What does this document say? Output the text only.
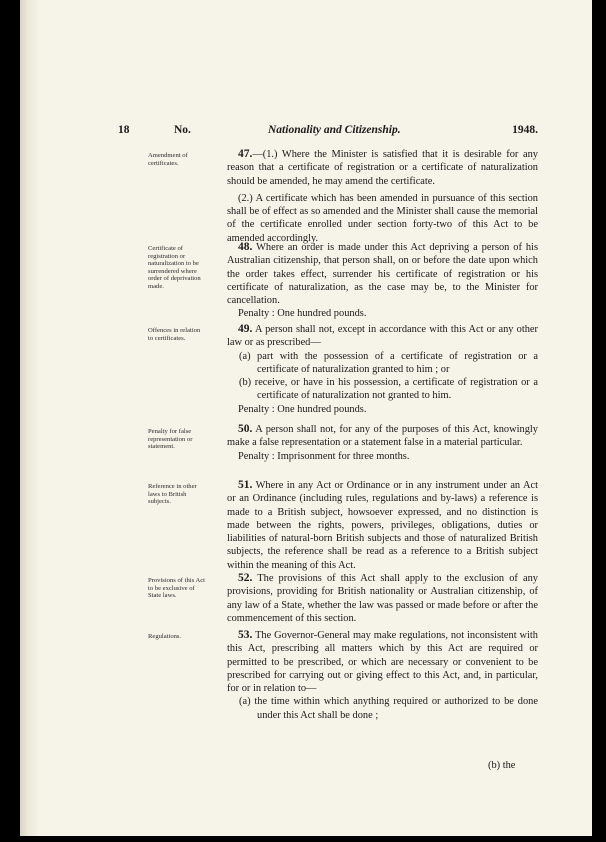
18	No.	Nationality and Citizenship.	1948.
Amendment of certificates.

47.—(1.) Where the Minister is satisfied that it is desirable for any reason that a certificate of registration or a certificate of naturalization should be amended, he may amend the certificate.

(2.) A certificate which has been amended in pursuance of this section shall be of effect as so amended and the Minister shall cause the memorial of the certificate enrolled under section forty-two of this Act to be amended accordingly.

Certificate of registration or naturalization to be surrendered where order of deprivation made.

48. Where an order is made under this Act depriving a person of his Australian citizenship, that person shall, on or before the date upon which the order takes effect, surrender his certificate of registration or his certificate of naturalization, as the case may be, to the Minister for cancellation.

Penalty : One hundred pounds.

Offences in relation to certificates.

49. A person shall not, except in accordance with this Act or any other law or as prescribed—

(a) part with the possession of a certificate of registration or a certificate of naturalization granted to him ; or

(b) receive, or have in his possession, a certificate of registration or a certificate of naturalization not granted to him.

Penalty : One hundred pounds.

Penalty for false representation or statement.

50. A person shall not, for any of the purposes of this Act, knowingly make a false representation or a statement false in a material particular.

Penalty : Imprisonment for three months.

Reference in other laws to British subjects.

51. Where in any Act or Ordinance or in any instrument under an Act or an Ordinance (including rules, regulations and by-laws) a reference is made to a British subject, howsoever expressed, and no distinction is made between the rights, powers, privileges, obligations, duties or liabilities of natural-born British subjects and those of naturalized British subjects, the reference shall be read as a reference to a British subject within the meaning of this Act.

Provisions of this Act to be exclusive of State laws.

52. The provisions of this Act shall apply to the exclusion of any provisions, providing for British nationality or Australian citizenship, of any law of a State, whether the law was passed or made before or after the commencement of this section.

Regulations.	53. The Governor-General may make regulations, not inconsistent with this Act, prescribing all matters which by this Act are required or permitted to be prescribed, or which are necessary or convenient to be prescribed for carrying out or giving effect to this Act, and, in particular, for or in relation to—

(a) the time within which anything required or authorized to be done under this Act shall be done ;

(b) the
